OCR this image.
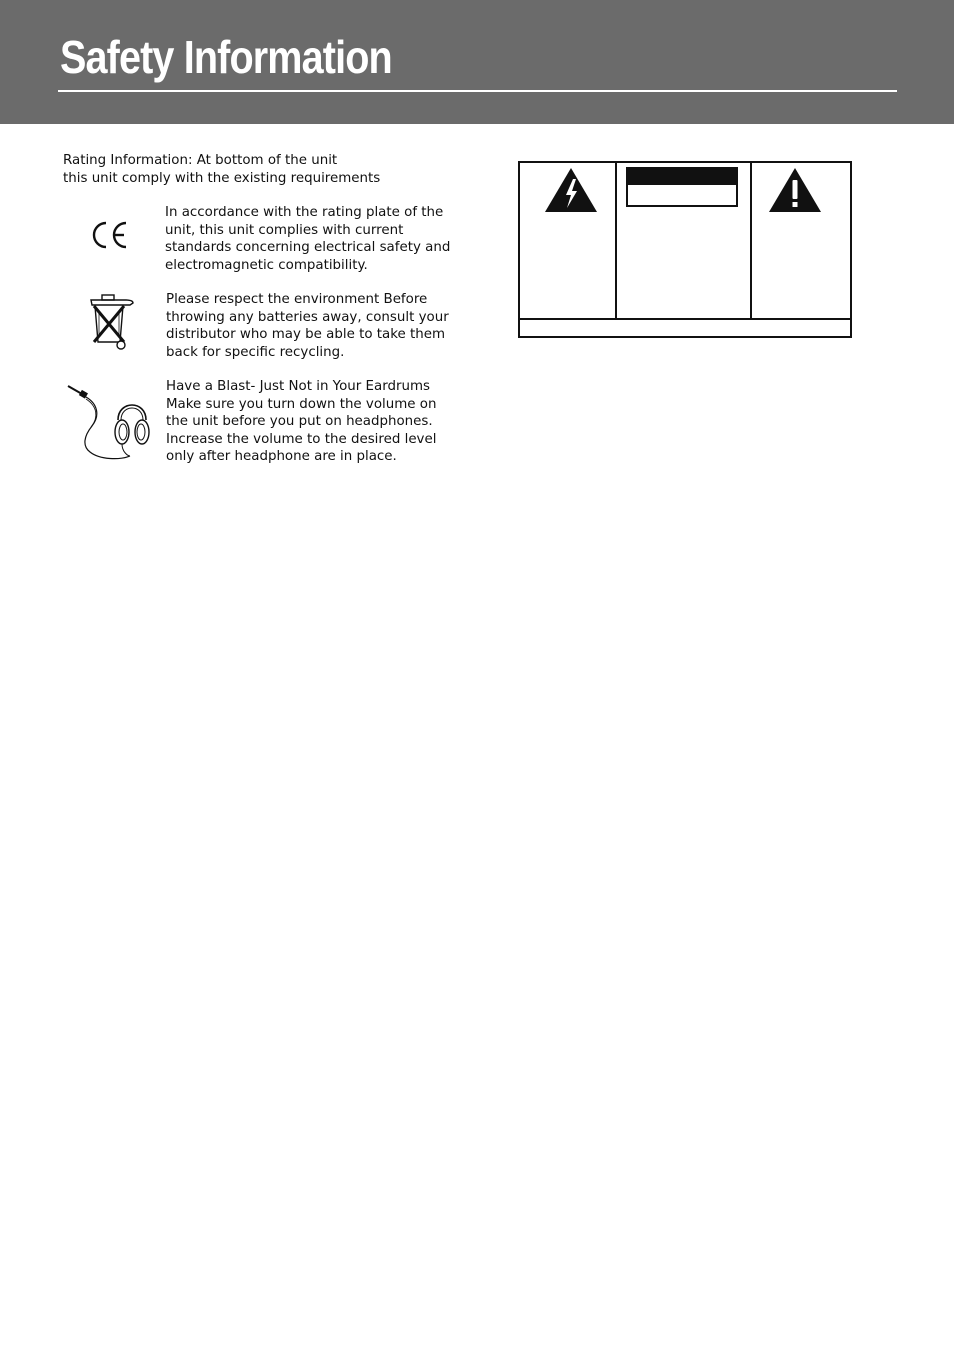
Safety Information
Rating Information: At bottom of the unit
this unit comply with the existing requirements
In accordance with the rating plate of the
unit, this unit complies with current
standards concerning electrical safety and
electromagnetic compatibility.
Please respect the environment Before
throwing any batteries away, consult your
distributor who may be able to take them
back for specific recycling.
Have a Blast- Just Not in Your Eardrums
Make sure you turn down the volume on
the unit before you put on headphones.
Increase the volume to the desired level
only after headphone are in place.
